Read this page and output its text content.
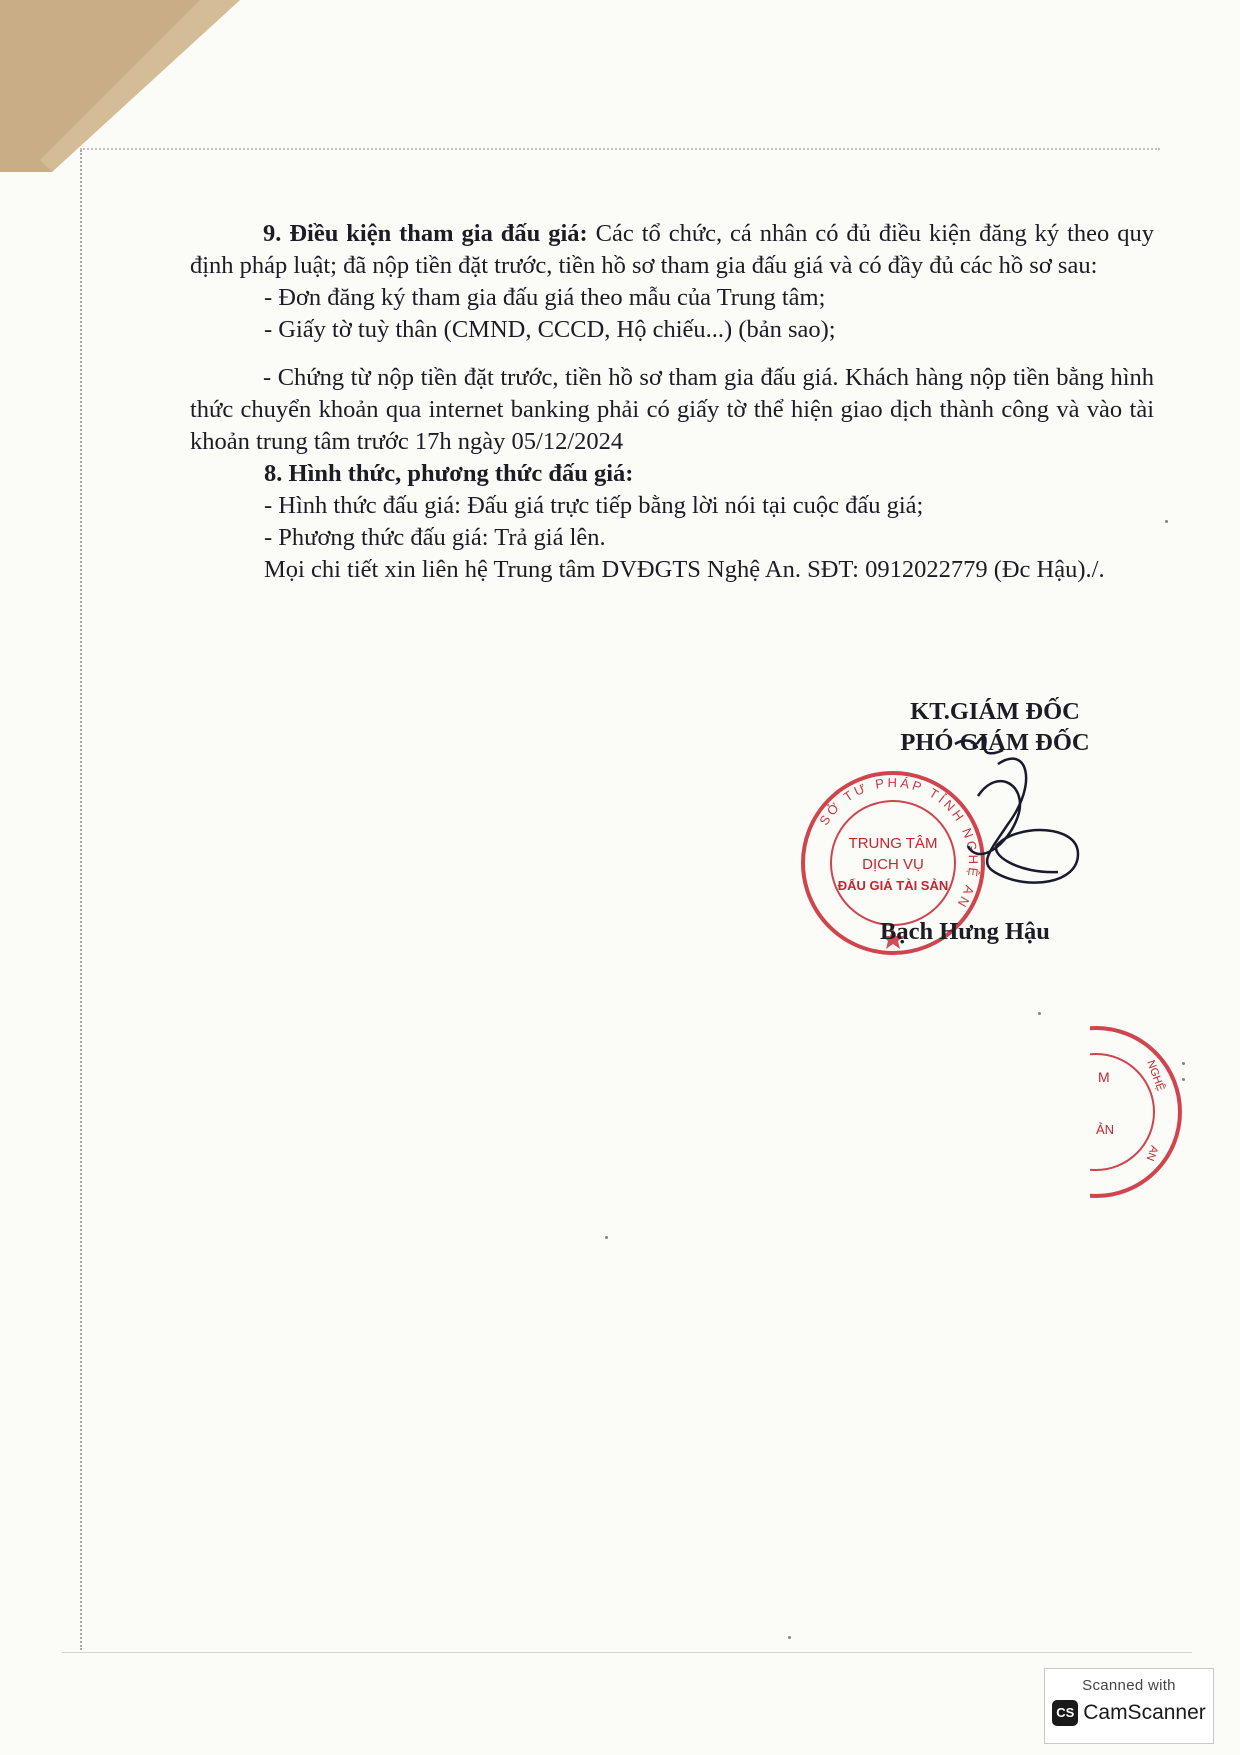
9. Điều kiện tham gia đấu giá: Các tổ chức, cá nhân có đủ điều kiện đăng ký theo quy định pháp luật; đã nộp tiền đặt trước, tiền hồ sơ tham gia đấu giá và có đầy đủ các hồ sơ sau:

- Đơn đăng ký tham gia đấu giá theo mẫu của Trung tâm;

- Giấy tờ tuỳ thân (CMND, CCCD, Hộ chiếu...) (bản sao);

- Chứng từ nộp tiền đặt trước, tiền hồ sơ tham gia đấu giá. Khách hàng nộp tiền bằng hình thức chuyển khoản qua internet banking phải có giấy tờ thể hiện giao dịch thành công và vào tài khoản trung tâm trước 17h ngày 05/12/2024

8. Hình thức, phương thức đấu giá:

- Hình thức đấu giá: Đấu giá trực tiếp bằng lời nói tại cuộc đấu giá;

- Phương thức đấu giá: Trả giá lên.

Mọi chi tiết xin liên hệ Trung tâm DVĐGTS Nghệ An. SĐT: 0912022779 (Đc Hậu)./.

KT.GIÁM ĐỐC
PHÓ GIÁM ĐỐC
SỞ TƯ PHÁP TỈNH NGHỆ AN
TRUNG TÂM
DỊCH VỤ
ĐẤU GIÁ TÀI SẢN
Bạch Hưng Hậu
M
ẢN
NGHỆ
AN
Scanned with
CS CamScanner
